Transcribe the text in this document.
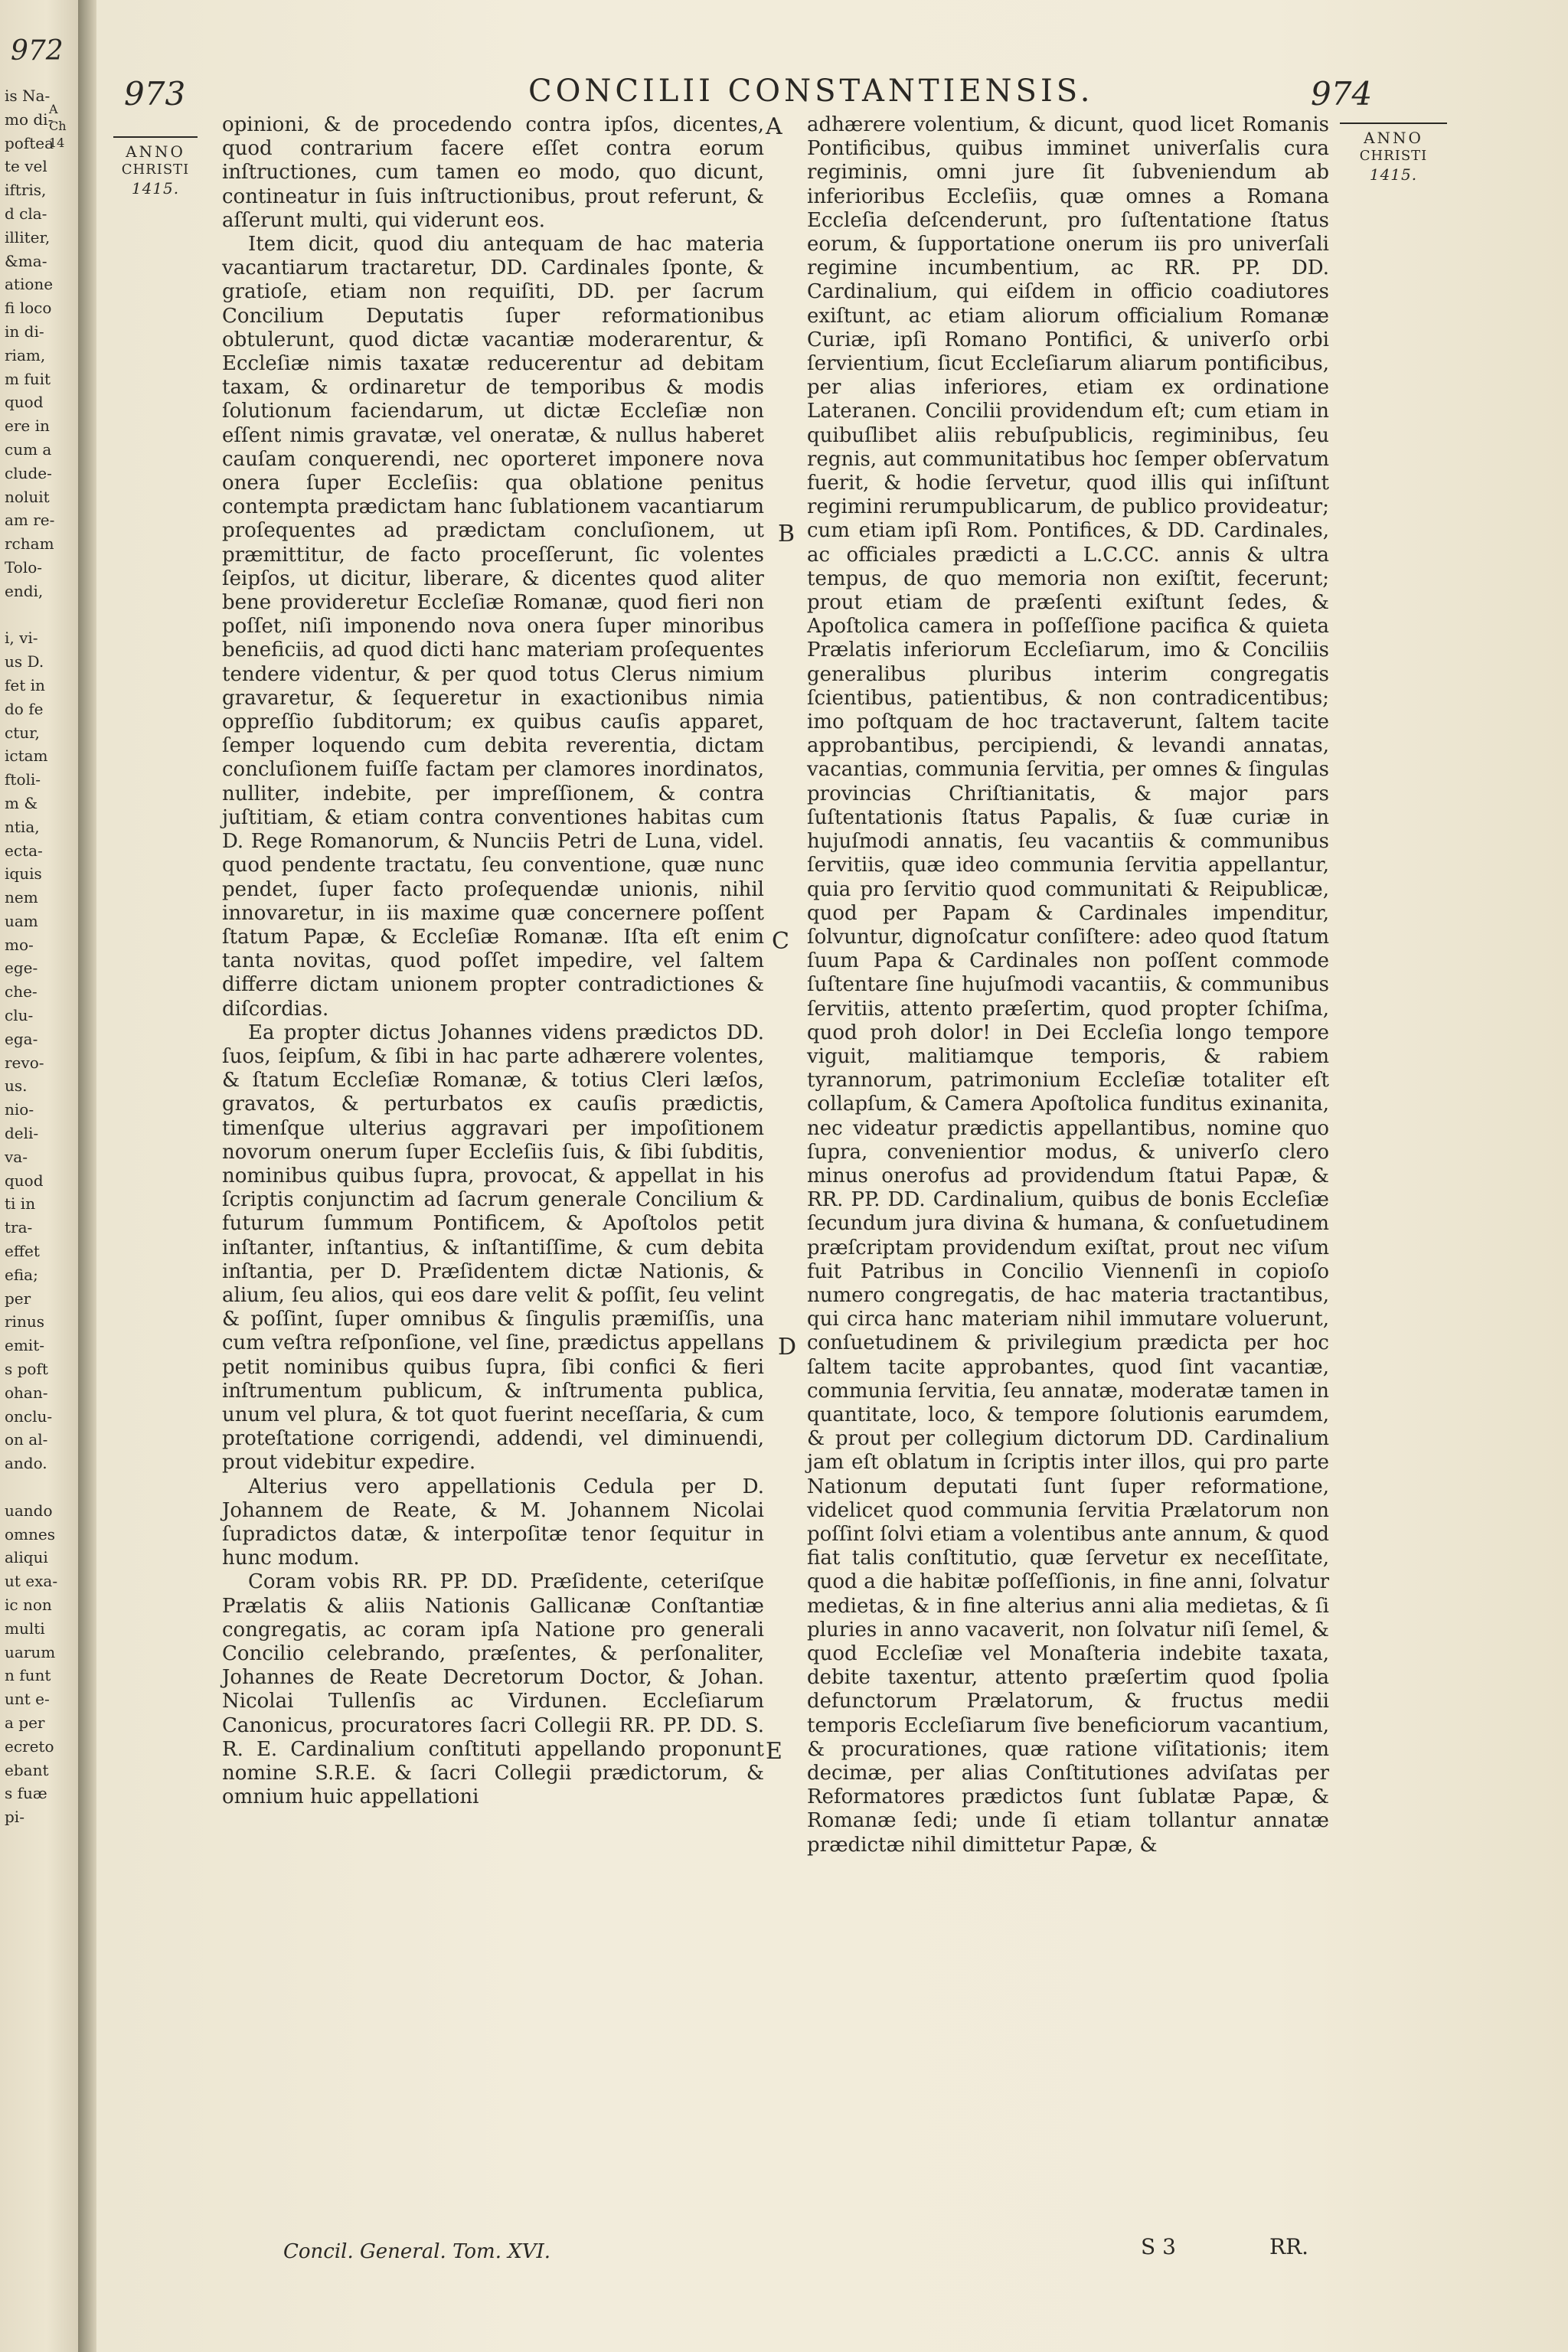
972
is Na-
mo di-
poftea
te vel
iftris,
d cla-
illiter,
&ma-
atione
fi loco
in di-
riam,
m fuit
quod
ere in
cum a
clude-
noluit
am re-
rcham
Tolo-
endi,

i, vi-
us D.
fet in
do fe
ctur,
ictam
ftoli-
m &
ntia,
ecta-
iquis
nem
uam
mo-
ege-
che-
clu-
ega-
revo-
us.
nio-
deli-
va-
quod
ti in
tra-
effet
efia;
per
rinus
emit-
s poft
ohan-
onclu-
on al-
ando.

uando
omnes
aliqui
ut exa-
ic non
multi
uarum
n funt
unt e-
a per
ecreto
ebant
s fuæ
pi-
A
Ch
14
973	CONCILII CONSTANTIENSIS.	974
ANNO
CHRISTI
1415.
ANNO
CHRISTI
1415.
A
B
C
D
E

opinioni, & de procedendo contra ipſos, dicentes, quod contrarium facere eſſet contra eorum inſtructiones, cum tamen eo modo, quo dicunt, contineatur in ſuis inſtructionibus, prout referunt, & aſſerunt multi, qui viderunt eos.

Item dicit, quod diu antequam de hac materia vacantiarum tractaretur, DD. Cardinales ſponte, & gratioſe, etiam non requiſiti, DD. per ſacrum Concilium Deputatis ſuper reformationibus obtulerunt, quod dictæ vacantiæ moderarentur, & Eccleſiæ nimis taxatæ reducerentur ad debitam taxam, & ordinaretur de temporibus & modis ſolutionum faciendarum, ut dictæ Eccleſiæ non eſſent nimis gravatæ, vel oneratæ, & nullus haberet cauſam conquerendi, nec oporteret imponere nova onera ſuper Eccleſiis: qua oblatione penitus contempta prædictam hanc ſublationem vacantiarum proſequentes ad prædictam concluſionem, ut præmittitur, de facto proceſſerunt, ſic volentes ſeipſos, ut dicitur, liberare, & dicentes quod aliter bene provideretur Eccleſiæ Romanæ, quod fieri non poſſet, niſi imponendo nova onera ſuper minoribus beneficiis, ad quod dicti hanc materiam proſequentes tendere videntur, & per quod totus Clerus nimium gravaretur, & ſequeretur in exactionibus nimia oppreſſio ſubditorum; ex quibus cauſis apparet, ſemper loquendo cum debita reverentia, dictam concluſionem fuiſſe factam per clamores inordinatos, nulliter, indebite, per impreſſionem, & contra juſtitiam, & etiam contra conventiones habitas cum D. Rege Romanorum, & Nunciis Petri de Luna, videl. quod pendente tractatu, ſeu conventione, quæ nunc pendet, ſuper facto proſequendæ unionis, nihil innovaretur, in iis maxime quæ concernere poſſent ſtatum Papæ, & Eccleſiæ Romanæ. Iſta eſt enim tanta novitas, quod poſſet impedire, vel ſaltem differre dictam unionem propter contradictiones & diſcordias.

Ea propter dictus Johannes videns prædictos DD. ſuos, ſeipſum, & ſibi in hac parte adhærere volentes, & ſtatum Eccleſiæ Romanæ, & totius Cleri læſos, gravatos, & perturbatos ex cauſis prædictis, timenſque ulterius aggravari per impoſitionem novorum onerum ſuper Eccleſiis ſuis, & ſibi ſubditis, nominibus quibus ſupra, provocat, & appellat in his ſcriptis conjunctim ad ſacrum generale Concilium & futurum ſummum Pontificem, & Apoſtolos petit inſtanter, inſtantius, & inſtantiſſime, & cum debita inſtantia, per D. Præſidentem dictæ Nationis, & alium, ſeu alios, qui eos dare velit & poſſit, ſeu velint & poſſint, ſuper omnibus & ſingulis præmiſſis, una cum veſtra reſponſione, vel ſine, prædictus appellans petit nominibus quibus ſupra, ſibi confici & fieri inſtrumentum publicum, & inſtrumenta publica, unum vel plura, & tot quot fuerint neceſſaria, & cum proteſtatione corrigendi, addendi, vel diminuendi, prout videbitur expedire.

Alterius vero appellationis Cedula per D. Johannem de Reate, & M. Johannem Nicolai ſupradictos datæ, & interpoſitæ tenor ſequitur in hunc modum.

Coram vobis RR. PP. DD. Præſidente, ceteriſque Prælatis & aliis Nationis Gallicanæ Conſtantiæ congregatis, ac coram ipſa Natione pro generali Concilio celebrando, præſentes, & perſonaliter, Johannes de Reate Decretorum Doctor, & Johan. Nicolai Tullenſis ac Virdunen. Eccleſiarum Canonicus, procuratores ſacri Collegii RR. PP. DD. S. R. E. Cardinalium conſtituti appellando proponunt nomine S.R.E. & ſacri Collegii prædictorum, & omnium huic appellationi

adhærere volentium, & dicunt, quod licet Romanis Pontificibus, quibus imminet univerſalis cura regiminis, omni jure ſit ſubveniendum ab inferioribus Eccleſiis, quæ omnes a Romana Eccleſia deſcenderunt, pro ſuſtentatione ſtatus eorum, & ſupportatione onerum iis pro univerſali regimine incumbentium, ac RR. PP. DD. Cardinalium, qui eiſdem in officio coadiutores exiſtunt, ac etiam aliorum officialium Romanæ Curiæ, ipſi Romano Pontifici, & univerſo orbi ſervientium, ſicut Eccleſiarum aliarum pontificibus, per alias inferiores, etiam ex ordinatione Lateranen. Concilii providendum eſt; cum etiam in quibuſlibet aliis rebuſpublicis, regiminibus, ſeu regnis, aut communitatibus hoc ſemper obſervatum fuerit, & hodie ſervetur, quod illis qui inſiſtunt regimini rerumpublicarum, de publico provideatur; cum etiam ipſi Rom. Pontifices, & DD. Cardinales, ac officiales prædicti a L.C.CC. annis & ultra tempus, de quo memoria non exiſtit, fecerunt; prout etiam de præſenti exiſtunt ſedes, & Apoſtolica camera in poſſeſſione pacifica & quieta Prælatis inferiorum Eccleſiarum, imo & Conciliis generalibus pluribus interim congregatis ſcientibus, patientibus, & non contradicentibus; imo poſtquam de hoc tractaverunt, ſaltem tacite approbantibus, percipiendi, & levandi annatas, vacantias, communia ſervitia, per omnes & ſingulas provincias Chriſtianitatis, & major pars ſuſtentationis ſtatus Papalis, & ſuæ curiæ in hujuſmodi annatis, ſeu vacantiis & communibus ſervitiis, quæ ideo communia ſervitia appellantur, quia pro ſervitio quod communitati & Reipublicæ, quod per Papam & Cardinales impenditur, ſolvuntur, dignoſcatur conſiſtere: adeo quod ſtatum ſuum Papa & Cardinales non poſſent commode ſuſtentare ſine hujuſmodi vacantiis, & communibus ſervitiis, attento præſertim, quod propter ſchiſma, quod proh dolor! in Dei Eccleſia longo tempore viguit, malitiamque temporis, & rabiem tyrannorum, patrimonium Eccleſiæ totaliter eſt collapſum, & Camera Apoſtolica funditus exinanita, nec videatur prædictis appellantibus, nomine quo ſupra, convenientior modus, & univerſo clero minus onerofus ad providendum ſtatui Papæ, & RR. PP. DD. Cardinalium, quibus de bonis Eccleſiæ ſecundum jura divina & humana, & conſuetudinem præſcriptam providendum exiſtat, prout nec viſum fuit Patribus in Concilio Viennenſi in copioſo numero congregatis, de hac materia tractantibus, qui circa hanc materiam nihil immutare voluerunt, conſuetudinem & privilegium prædicta per hoc ſaltem tacite approbantes, quod ſint vacantiæ, communia ſervitia, ſeu annatæ, moderatæ tamen in quantitate, loco, & tempore ſolutionis earumdem, & prout per collegium dictorum DD. Cardinalium jam eſt oblatum in ſcriptis inter illos, qui pro parte Nationum deputati ſunt ſuper reformatione, videlicet quod communia ſervitia Prælatorum non poſſint ſolvi etiam a volentibus ante annum, & quod fiat talis conſtitutio, quæ ſervetur ex neceſſitate, quod a die habitæ poſſeſſionis, in fine anni, ſolvatur medietas, & in fine alterius anni alia medietas, & ſi pluries in anno vacaverit, non ſolvatur niſi ſemel, & quod Eccleſiæ vel Monaſteria indebite taxata, debite taxentur, attento præſertim quod ſpolia defunctorum Prælatorum, & fructus medii temporis Eccleſiarum ſive beneficiorum vacantium, & procurationes, quæ ratione viſitationis; item decimæ, per alias Conſtitutiones adviſatas per Reformatores prædictos ſunt ſublatæ Papæ, & Romanæ ſedi; unde ſi etiam tollantur annatæ prædictæ nihil dimittetur Papæ, &

Concil. General. Tom. XVI.	S 3	RR.
